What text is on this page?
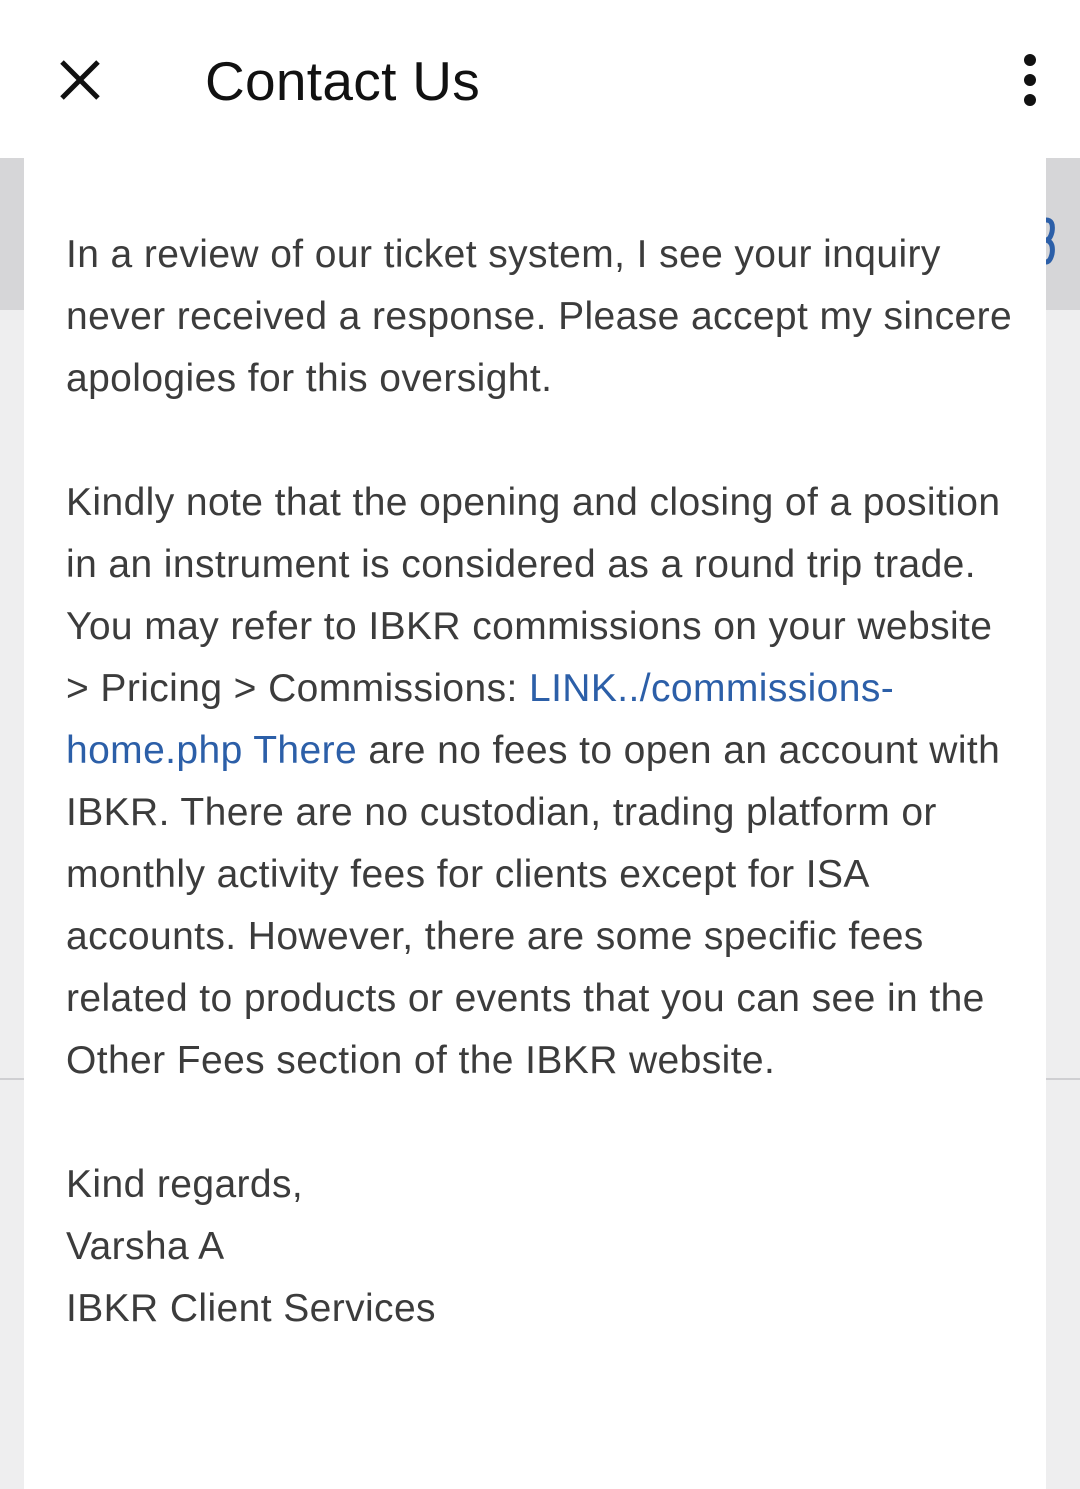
Contact Us

In a review of our ticket system, I see your inquiry never received a response. Please accept my sincere apologies for this oversight.

Kindly note that the opening and closing of a position in an instrument is considered as a round trip trade. You may refer to IBKR commissions on your website > Pricing > Commissions: LINK../commissions-home.php There are no fees to open an account with IBKR. There are no custodian, trading platform or monthly activity fees for clients except for ISA accounts. However, there are some specific fees related to products or events that you can see in the Other Fees section of the IBKR website.

Kind regards,

Varsha A

IBKR Client Services
